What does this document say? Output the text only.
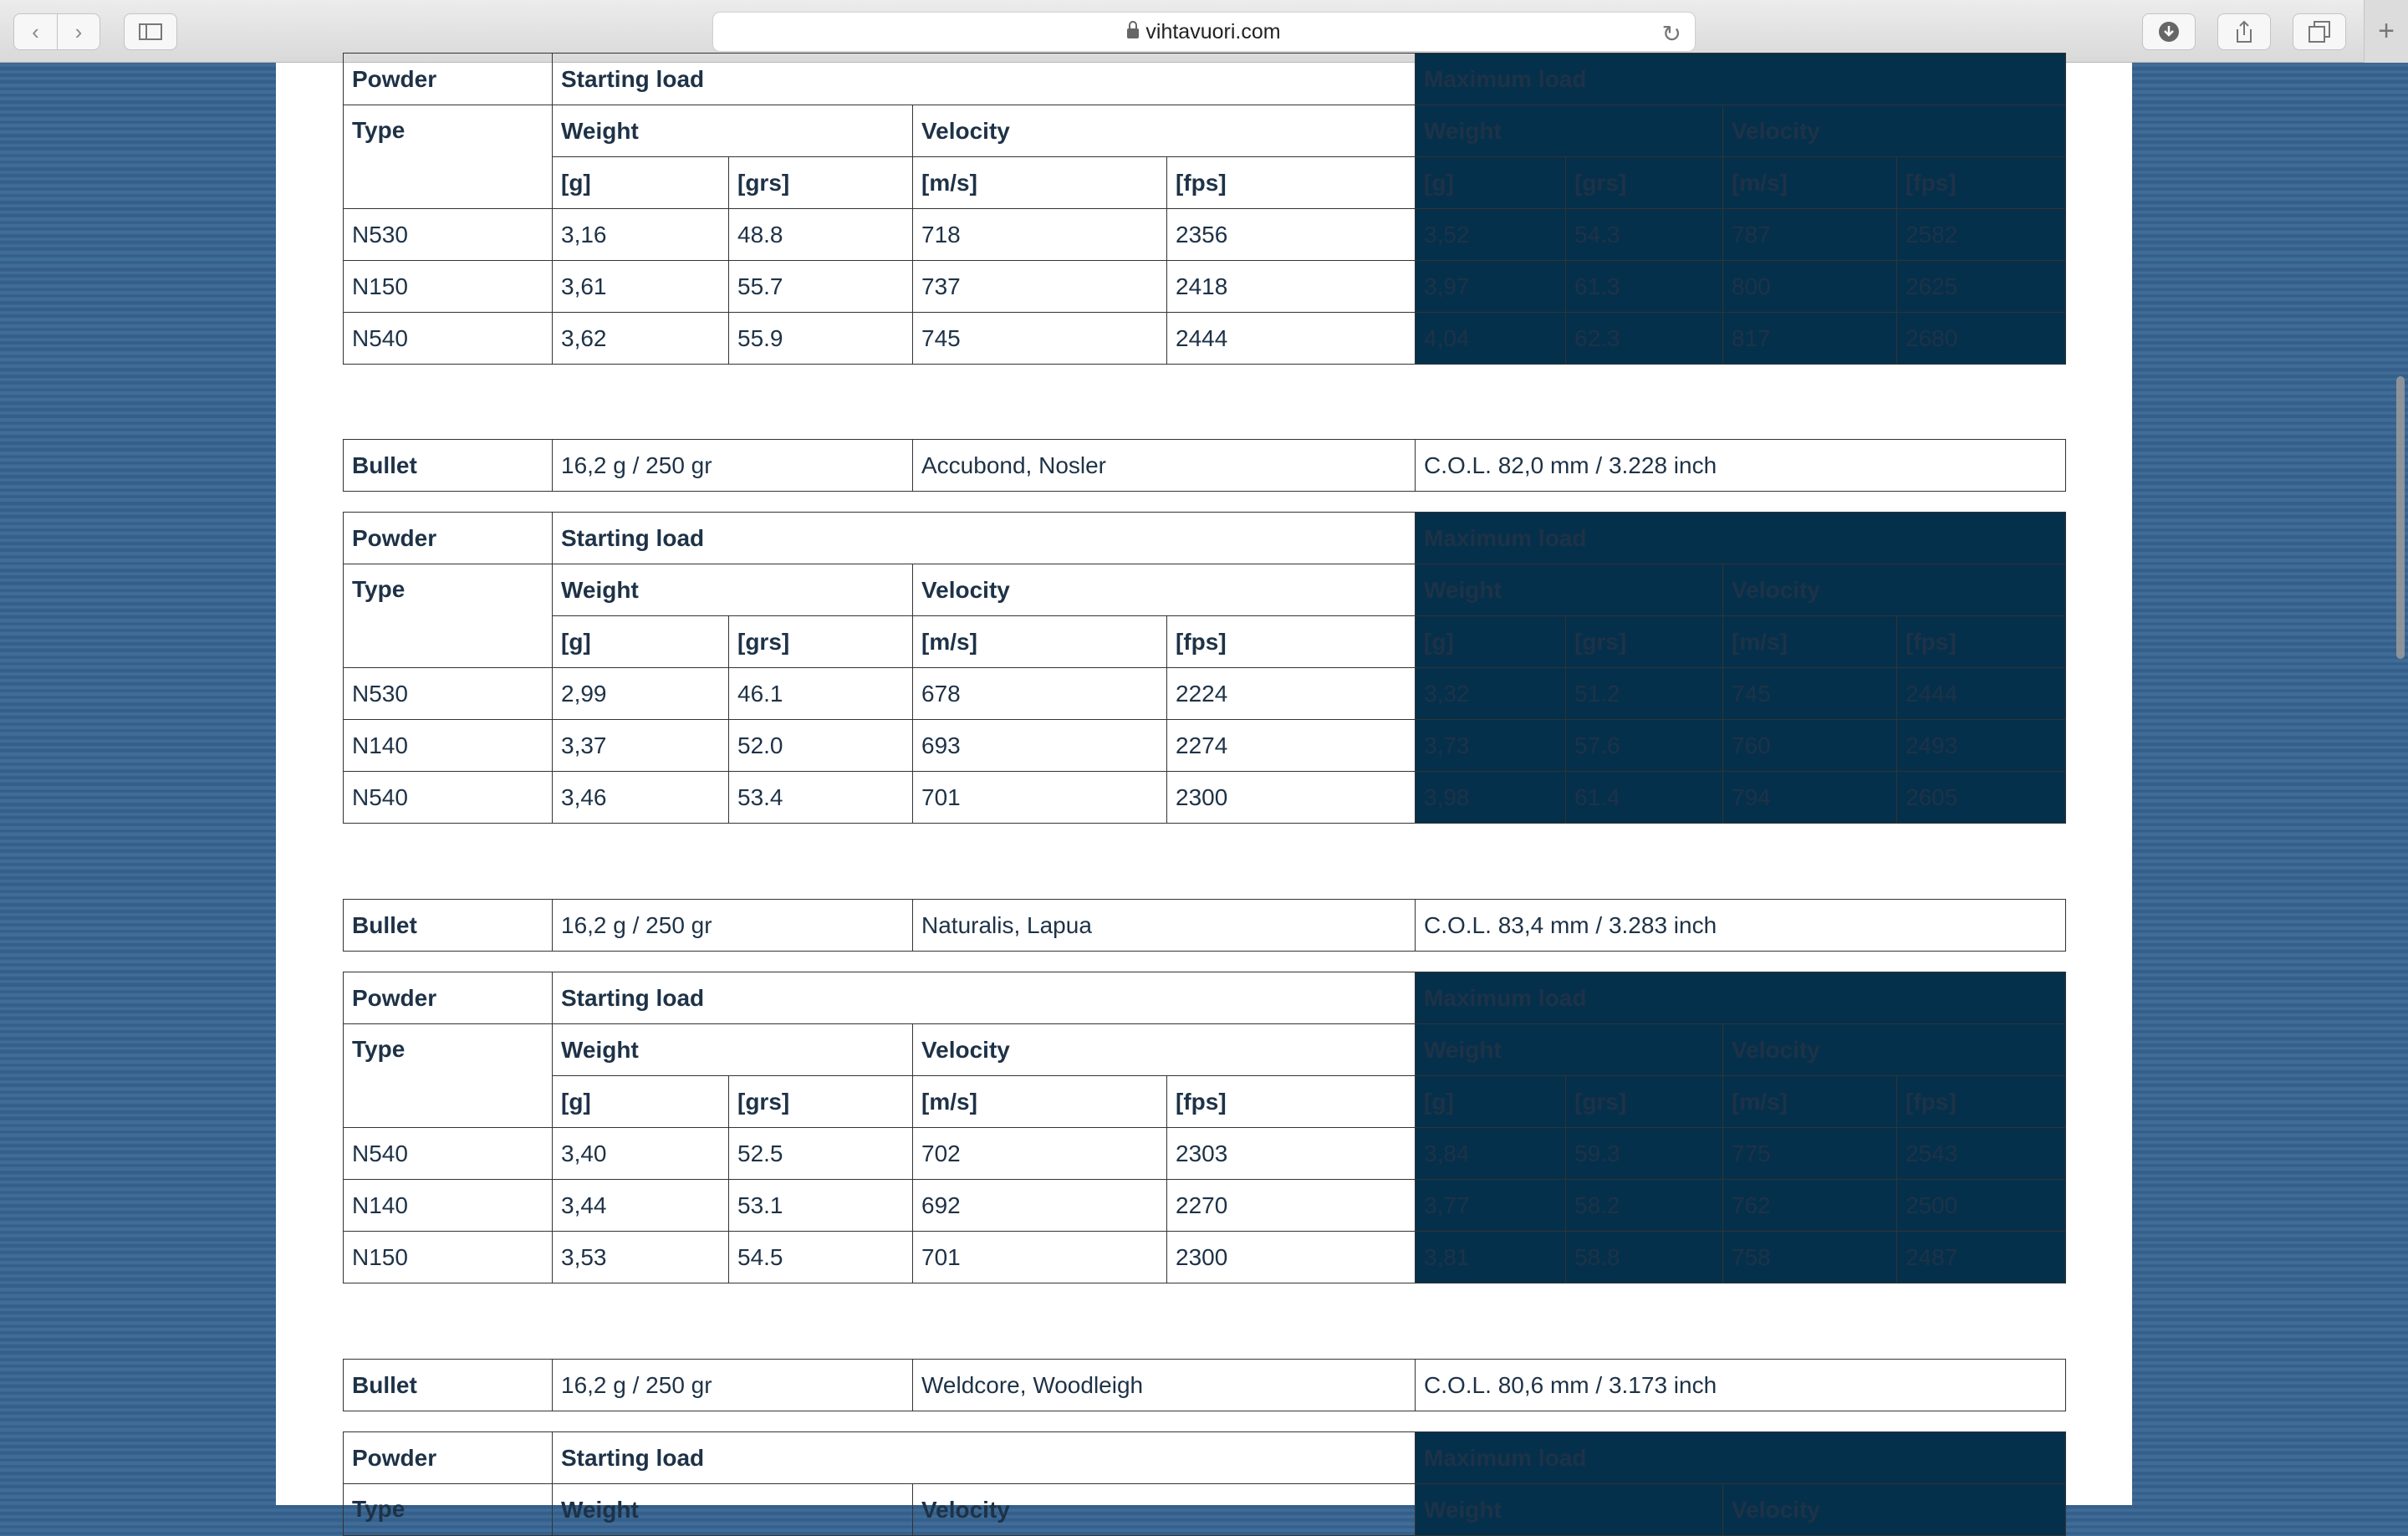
‹ ›	vihtavuori.com	↻	+
Powder	Starting load				Maximum load			
Type	Weight		Velocity		Weight		Velocity	
	[g]	[grs]	[m/s]	[fps]	[g]	[grs]	[m/s]	[fps]
N530	3,16	48.8	718	2356	3,52	54.3	787	2582
N150	3,61	55.7	737	2418	3,97	61.3	800	2625
N540	3,62	55.9	745	2444	4,04	62.3	817	2680
Bullet	16,2 g / 250 gr	Accubond, Nosler	C.O.L. 82,0 mm / 3.228 inch
Powder	Starting load				Maximum load			
Type	Weight		Velocity		Weight		Velocity	
	[g]	[grs]	[m/s]	[fps]	[g]	[grs]	[m/s]	[fps]
N530	2,99	46.1	678	2224	3,32	51.2	745	2444
N140	3,37	52.0	693	2274	3,73	57.6	760	2493
N540	3,46	53.4	701	2300	3,98	61.4	794	2605
Bullet	16,2 g / 250 gr	Naturalis, Lapua	C.O.L. 83,4 mm / 3.283 inch
Powder	Starting load				Maximum load			
Type	Weight		Velocity		Weight		Velocity	
	[g]	[grs]	[m/s]	[fps]	[g]	[grs]	[m/s]	[fps]
N540	3,40	52.5	702	2303	3,84	59.3	775	2543
N140	3,44	53.1	692	2270	3,77	58.2	762	2500
N150	3,53	54.5	701	2300	3,81	58.8	758	2487
Bullet	16,2 g / 250 gr	Weldcore, Woodleigh	C.O.L. 80,6 mm / 3.173 inch
Powder	Starting load		Maximum load	
Type	Weight	Velocity	Weight	Velocity
